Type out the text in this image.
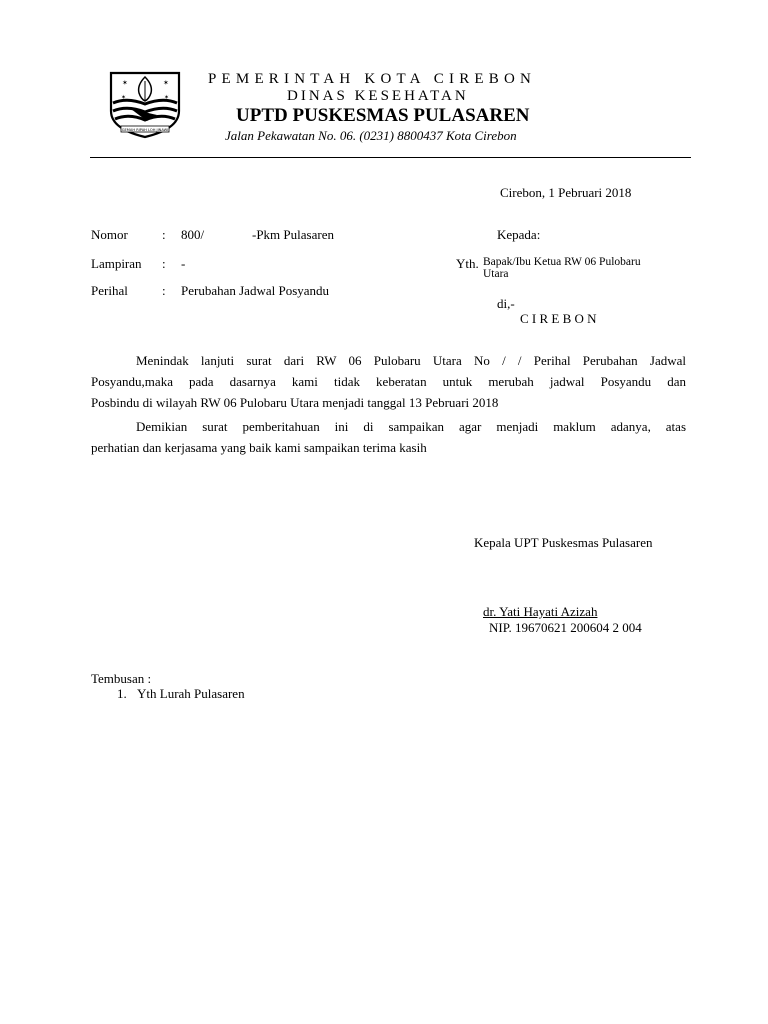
✶	✶
✶	✶
GEMAH RIPAH LOH JINAWI
PEMERINTAH KOTA CIREBON
DINAS KESEHATAN
UPTD PUSKESMAS PULASAREN
Jalan Pekawatan No. 06. (0231) 8800437 Kota Cirebon
Cirebon, 1 Pebruari 2018
Nomor	: 800/	-Pkm Pulasaren
Lampiran : -
Perihal	: Perubahan Jadwal Posyandu
Kepada:
Yth. Bapak/Ibu Ketua RW 06 Pulobaru
Utara
di,-
C I R E B O N
Menindak lanjuti surat dari RW 06 Pulobaru Utara No / / Perihal Perubahan Jadwal
Posyandu,maka pada dasarnya kami tidak keberatan untuk merubah jadwal Posyandu dan
Posbindu di wilayah RW 06 Pulobaru Utara menjadi tanggal 13 Pebruari 2018
Demikian surat pemberitahuan ini di sampaikan agar menjadi maklum adanya, atas
perhatian dan kerjasama yang baik kami sampaikan terima kasih
Kepala UPT Puskesmas Pulasaren
dr. Yati Hayati Azizah
NIP. 19670621 200604 2 004
Tembusan :
1. Yth Lurah Pulasaren
